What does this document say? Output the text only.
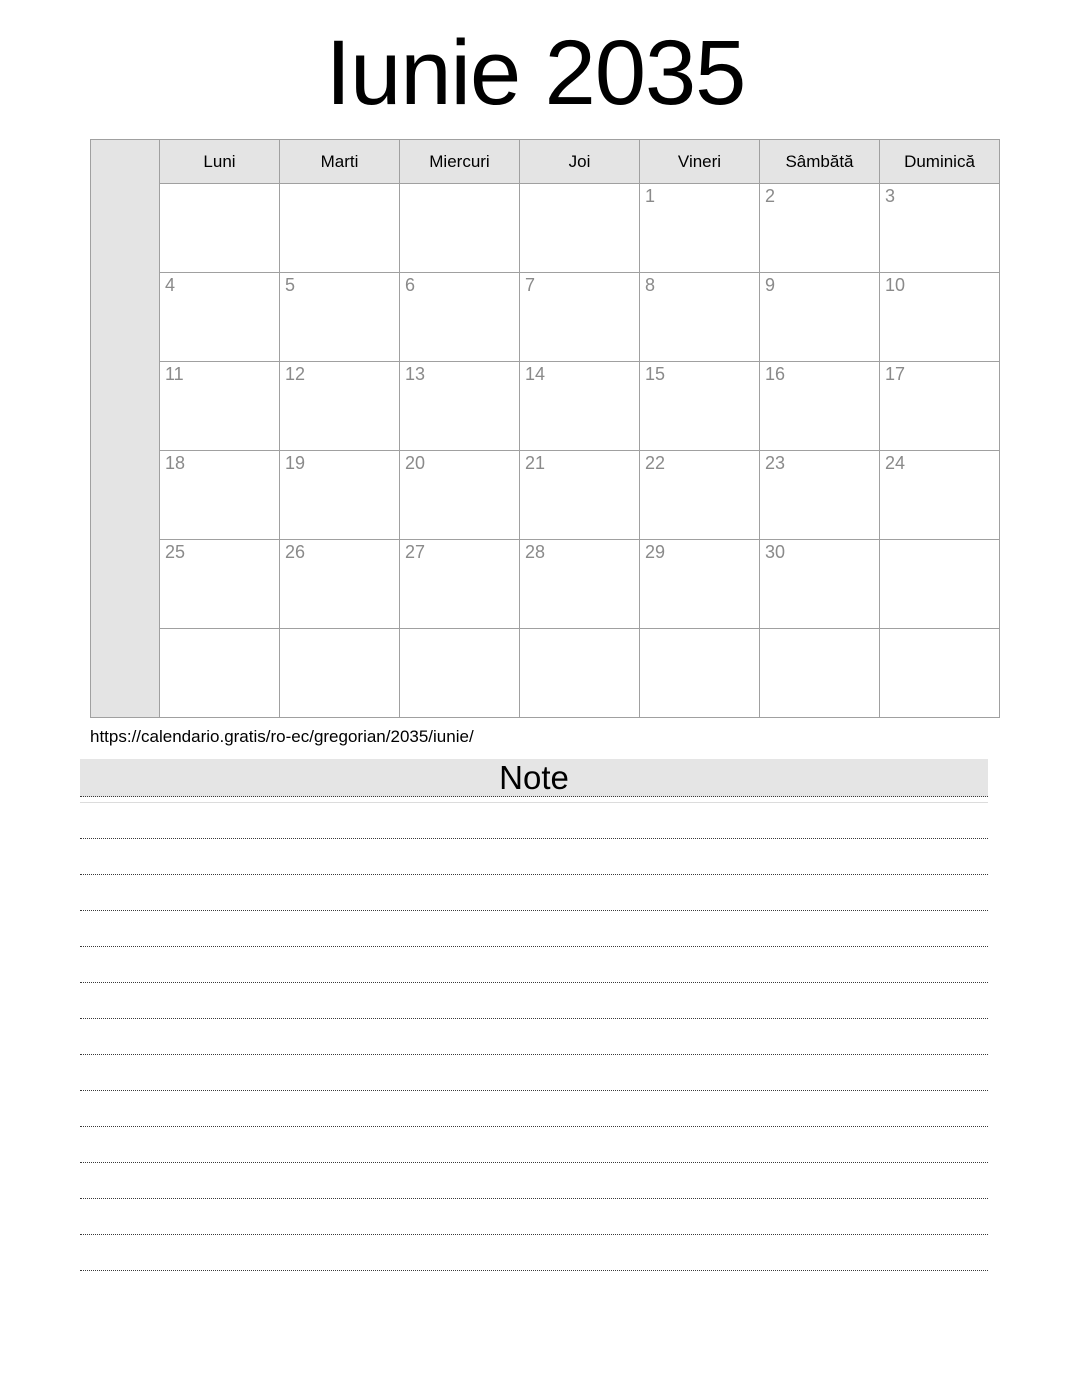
Iunie 2035
	Luni	Marti	Miercuri	Joi	Vineri	Sâmbătă	Duminică
					1	2	3
	4	5	6	7	8	9	10
	11	12	13	14	15	16	17
	18	19	20	21	22	23	24
	25	26	27	28	29	30	

https://calendario.gratis/ro-ec/gregorian/2035/iunie/

Note
